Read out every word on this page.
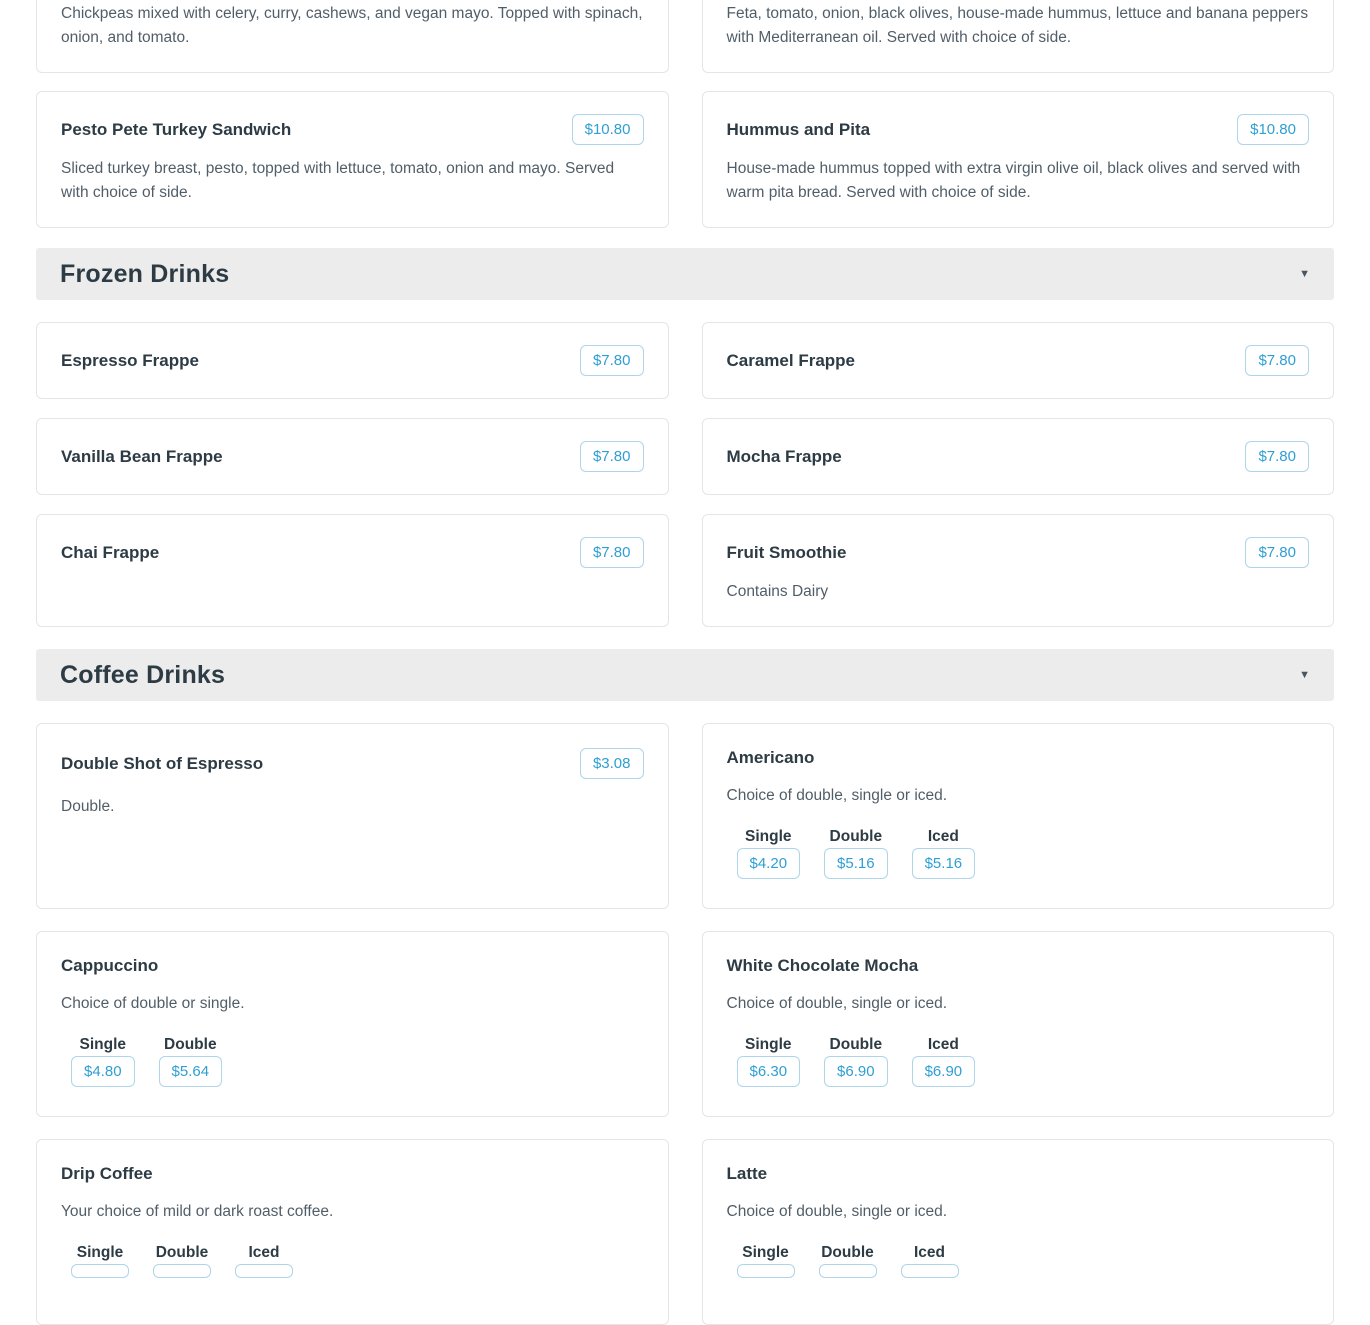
Chickpeas mixed with celery, curry, cashews, and vegan mayo. Topped with spinach, onion, and tomato.

Feta, tomato, onion, black olives, house-made hummus, lettuce and banana peppers with Mediterranean oil. Served with choice of side.

Pesto Pete Turkey Sandwich	$10.80

Sliced turkey breast, pesto, topped with lettuce, tomato, onion and mayo. Served with choice of side.

Hummus and Pita	$10.80

House-made hummus topped with extra virgin olive oil, black olives and served with warm pita bread. Served with choice of side.

Frozen Drinks	▼
Espresso Frappe	$7.80	Caramel Frappe	$7.80
Vanilla Bean Frappe	$7.80	Mocha Frappe	$7.80
Chai Frappe	$7.80	Fruit Smoothie	$7.80

Contains Dairy

Coffee Drinks	▼
Double Shot of Espresso	$3.08

Double.

Americano

Choice of double, single or iced.

Single
$4.20
Double
$5.16
Iced
$5.16
Cappuccino

Choice of double or single.

Single
$4.80
Double
$5.64
White Chocolate Mocha

Choice of double, single or iced.

Single
$6.30
Double
$6.90
Iced
$6.90
Drip Coffee

Your choice of mild or dark roast coffee.

Single Double	Iced
Latte

Choice of double, single or iced.

Single Double	Iced
